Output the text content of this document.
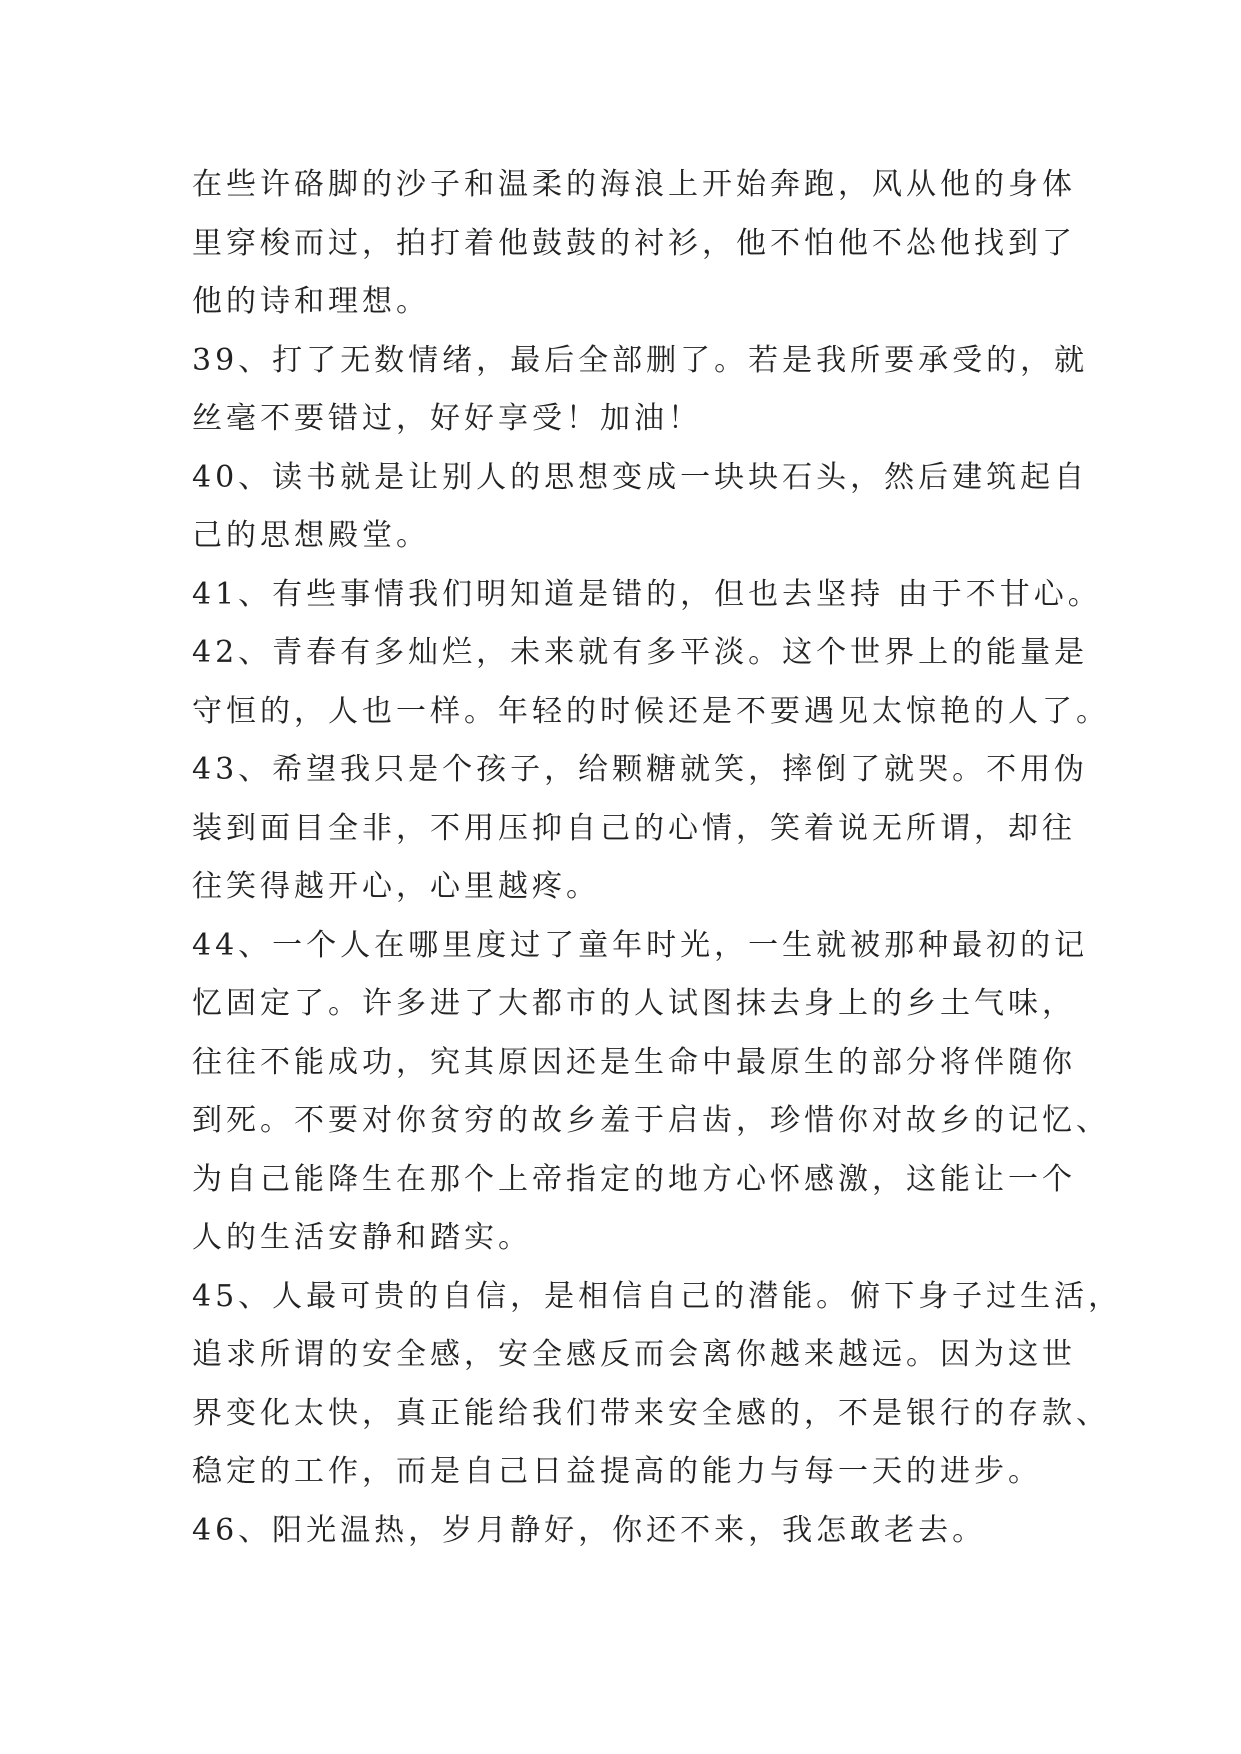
在些许硌脚的沙子和温柔的海浪上开始奔跑，风从他的身体
里穿梭而过，拍打着他鼓鼓的衬衫，他不怕他不怂他找到了
他的诗和理想。
39、打了无数情绪，最后全部删了。若是我所要承受的，就
丝毫不要错过，好好享受！加油！
40、读书就是让别人的思想变成一块块石头，然后建筑起自
己的思想殿堂。
41、有些事情我们明知道是错的，但也去坚持 由于不甘心。
42、青春有多灿烂，未来就有多平淡。这个世界上的能量是
守恒的，人也一样。年轻的时候还是不要遇见太惊艳的人了。
43、希望我只是个孩子，给颗糖就笑，摔倒了就哭。不用伪
装到面目全非，不用压抑自己的心情，笑着说无所谓，却往
往笑得越开心，心里越疼。
44、一个人在哪里度过了童年时光，一生就被那种最初的记
忆固定了。许多进了大都市的人试图抹去身上的乡土气味，
往往不能成功，究其原因还是生命中最原生的部分将伴随你
到死。不要对你贫穷的故乡羞于启齿，珍惜你对故乡的记忆、
为自己能降生在那个上帝指定的地方心怀感激，这能让一个
人的生活安静和踏实。
45、人最可贵的自信，是相信自己的潜能。俯下身子过生活，
追求所谓的安全感，安全感反而会离你越来越远。因为这世
界变化太快，真正能给我们带来安全感的，不是银行的存款、
稳定的工作，而是自己日益提高的能力与每一天的进步。
46、阳光温热，岁月静好，你还不来，我怎敢老去。
